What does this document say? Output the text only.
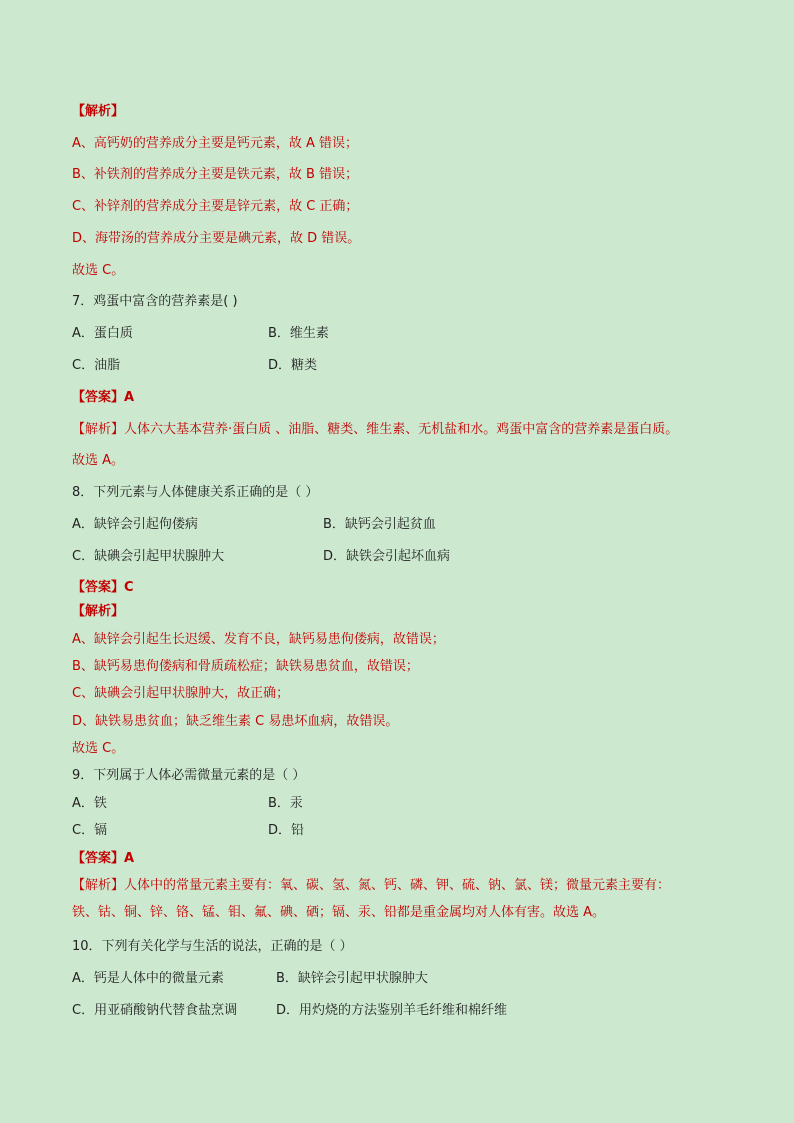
【解析】
A、高钙奶的营养成分主要是钙元素，故 A 错误；
B、补铁剂的营养成分主要是铁元素，故 B 错误；
C、补锌剂的营养成分主要是锌元素，故 C 正确；
D、海带汤的营养成分主要是碘元素，故 D 错误。
故选 C。
7．鸡蛋中富含的营养素是( )
A．蛋白质	B．维生素
C．油脂	D．糖类
【答案】A
【解析】人体六大基本营养·蛋白质 、油脂、糖类、维生素、无机盐和水。鸡蛋中富含的营养素是蛋白质。
故选 A。
8．下列元素与人体健康关系正确的是（ ）
A．缺锌会引起佝偻病	B．缺钙会引起贫血
C．缺碘会引起甲状腺肿大	D．缺铁会引起坏血病
【答案】C
【解析】
A、缺锌会引起生长迟缓、发育不良，缺钙易患佝偻病，故错误；
B、缺钙易患佝偻病和骨质疏松症；缺铁易患贫血，故错误；
C、缺碘会引起甲状腺肿大，故正确；
D、缺铁易患贫血；缺乏维生素 C 易患坏血病，故错误。
故选 C。
9．下列属于人体必需微量元素的是（ ）
A．铁	B．汞
C．镉	D．铅
【答案】A
【解析】人体中的常量元素主要有：氧、碳、氢、氮、钙、磷、钾、硫、钠、氯、镁；微量元素主要有：
铁、钴、铜、锌、铬、锰、钼、氟、碘、硒；镉、汞、铅都是重金属均对人体有害。故选 A。
10．下列有关化学与生活的说法，正确的是（ ）
A．钙是人体中的微量元素	B．缺锌会引起甲状腺肿大
C．用亚硝酸钠代替食盐烹调	D．用灼烧的方法鉴别羊毛纤维和棉纤维
